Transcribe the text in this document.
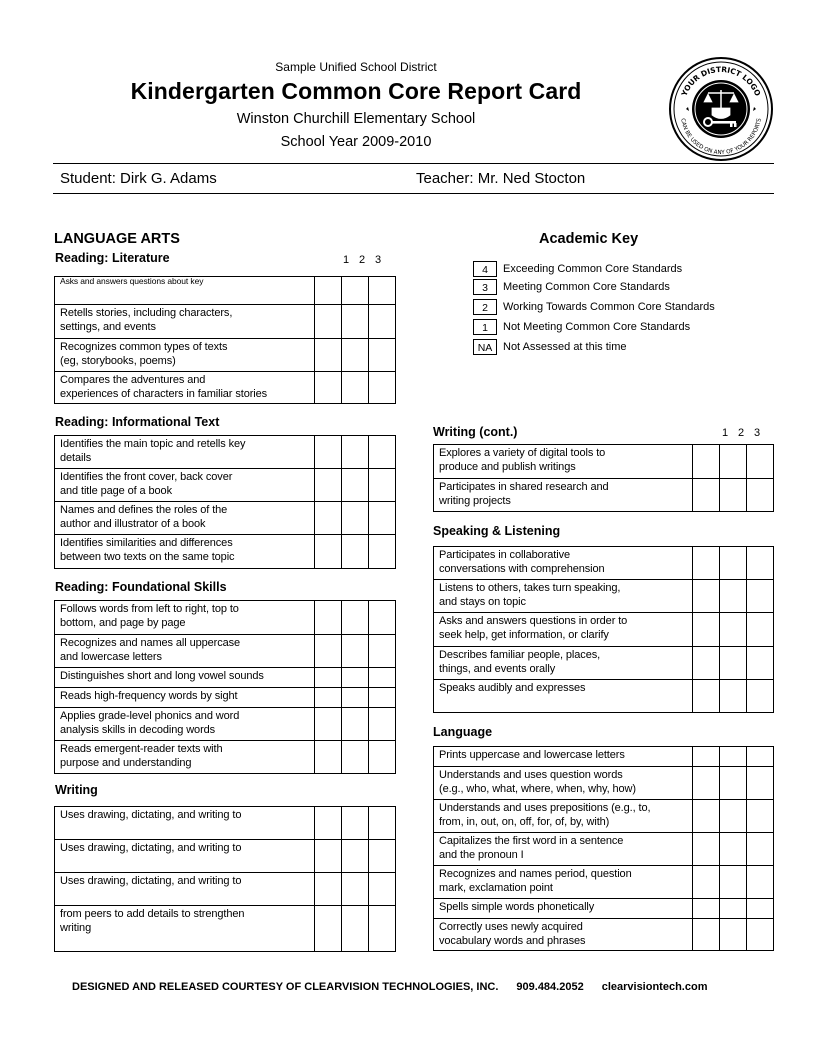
Sample Unified School District
Kindergarten Common Core Report Card
Winston Churchill Elementary School
School Year 2009-2010
YOUR DISTRICT LOGO
CAN BE USED ON ANY OF YOUR REPORTS
Student: Dirk G. Adams	Teacher: Mr. Ned Stocton
LANGUAGE ARTS
Reading: Literature	1 2 3
Asks and answers questions about key			

Retells stories, including characters,
settings, and events			

Recognizes common types of texts
(eg, storybooks, poems)			

Compares the adventures and
experiences of characters in familiar stories			

Reading: Informational Text
Identifies the main topic and retells key
details			

Identifies the front cover, back cover
and title page of a book			

Names and defines the roles of the
author and illustrator of a book			

Identifies similarities and differences
between two texts on the same topic			

Reading: Foundational Skills
Follows words from left to right, top to
bottom, and page by page			

Recognizes and names all uppercase
and lowercase letters			

Distinguishes short and long vowel sounds			

Reads high-frequency words by sight			

Applies grade-level phonics and word
analysis skills in decoding words			

Reads emergent-reader texts with
purpose and understanding			

Writing
Uses drawing, dictating, and writing to			

Uses drawing, dictating, and writing to			

Uses drawing, dictating, and writing to			

from peers to add details to strengthen
writing			

Academic Key
4	Exceeding Common Core Standards
3	Meeting Common Core Standards
2	Working Towards Common Core Standards
1	Not Meeting Common Core Standards
NA Not Assessed at this time
Writing (cont.)	1 2 3
Explores a variety of digital tools to
produce and publish writings			

Participates in shared research and
writing projects			

Speaking & Listening
Participates in collaborative
conversations with comprehension			

Listens to others, takes turn speaking,
and stays on topic			

Asks and answers questions in order to
seek help, get information, or clarify			

Describes familiar people, places,
things, and events orally			

Speaks audibly and expresses			

Language
Prints uppercase and lowercase letters			

Understands and uses question words
(e.g., who, what, where, when, why, how)			

Understands and uses prepositions (e.g., to,
from, in, out, on, off, for, of, by, with)			

Capitalizes the first word in a sentence
and the pronoun I			

Recognizes and names period, question
mark, exclamation point			

Spells simple words phonetically			

Correctly uses newly acquired
vocabulary words and phrases			

DESIGNED AND RELEASED COURTESY OF CLEARVISION TECHNOLOGIES, INC. 909.484.2052 clearvisiontech.com
